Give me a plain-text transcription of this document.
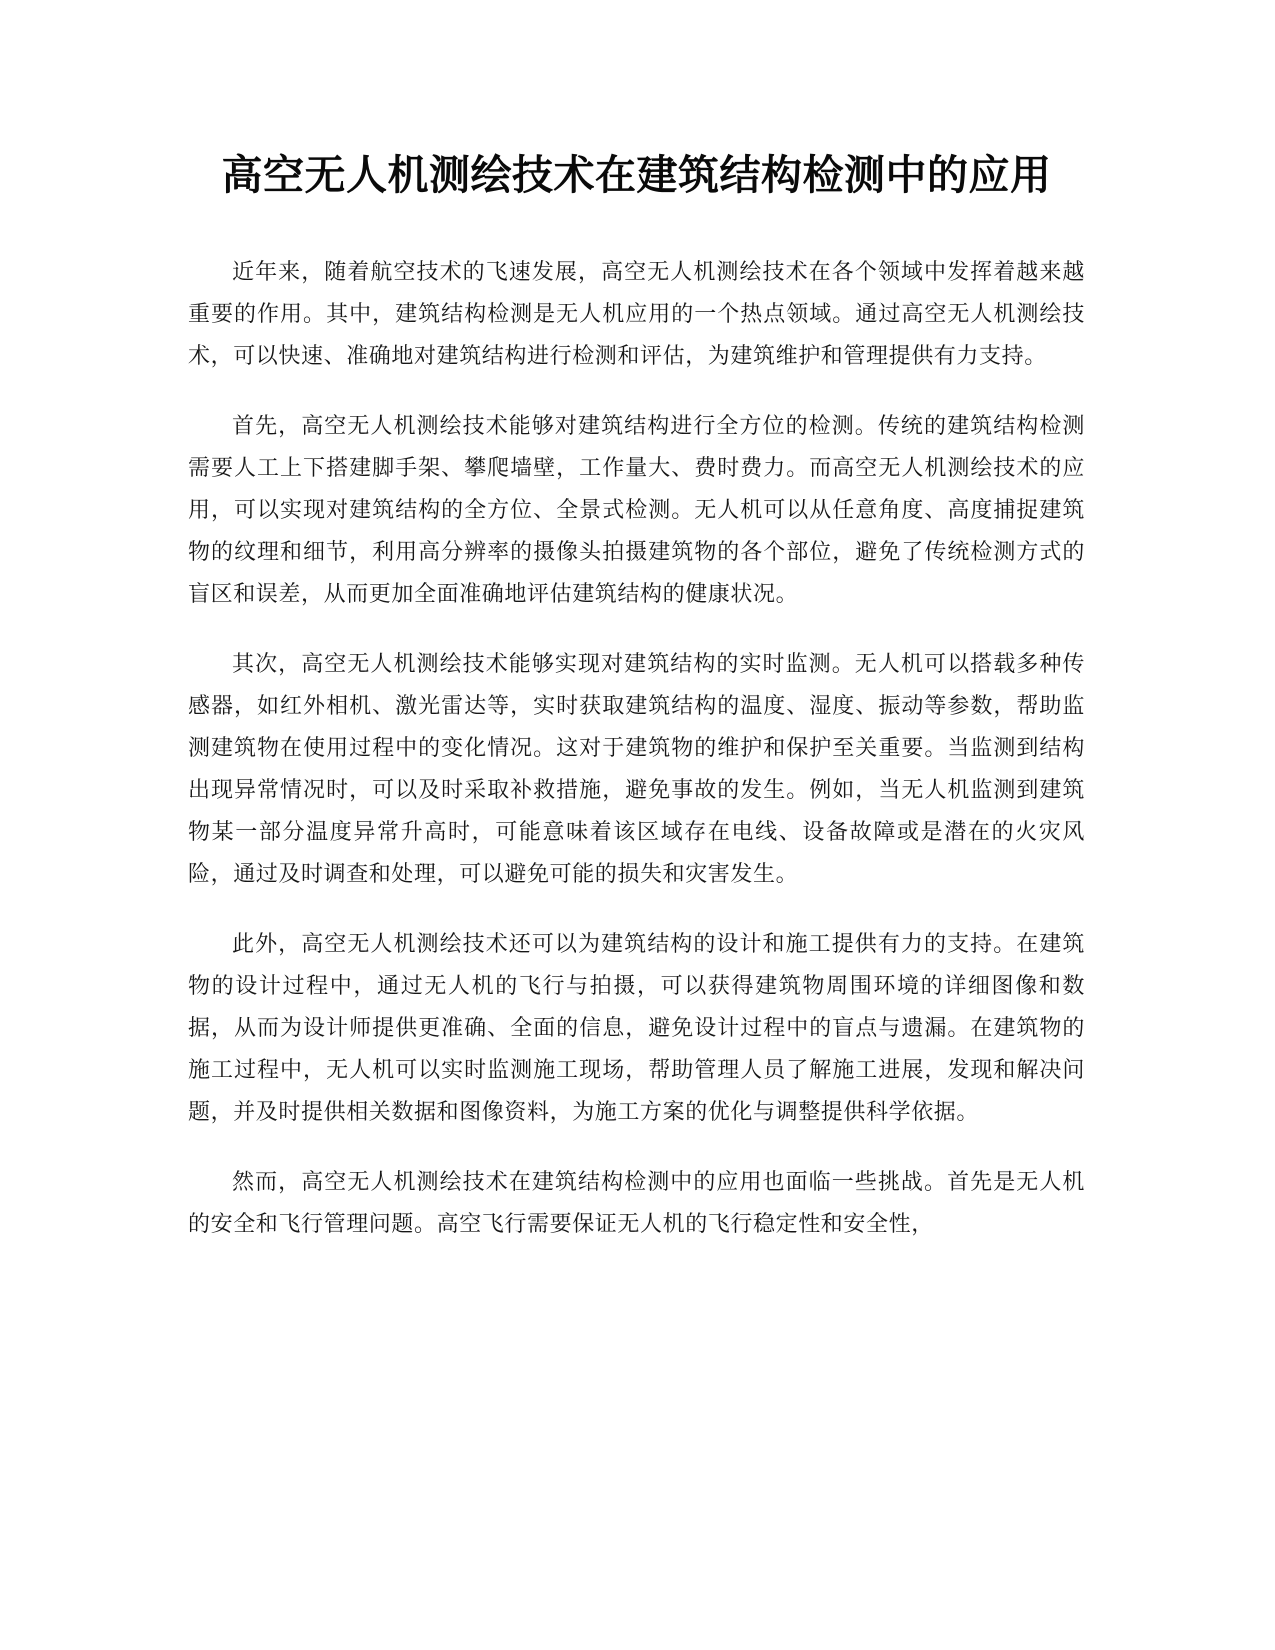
高空无人机测绘技术在建筑结构检测中的应用

近年来，随着航空技术的飞速发展，高空无人机测绘技术在各个领域中发挥着越来越重要的作用。其中，建筑结构检测是无人机应用的一个热点领域。通过高空无人机测绘技术，可以快速、准确地对建筑结构进行检测和评估，为建筑维护和管理提供有力支持。

首先，高空无人机测绘技术能够对建筑结构进行全方位的检测。传统的建筑结构检测需要人工上下搭建脚手架、攀爬墙壁，工作量大、费时费力。而高空无人机测绘技术的应用，可以实现对建筑结构的全方位、全景式检测。无人机可以从任意角度、高度捕捉建筑物的纹理和细节，利用高分辨率的摄像头拍摄建筑物的各个部位，避免了传统检测方式的盲区和误差，从而更加全面准确地评估建筑结构的健康状况。

其次，高空无人机测绘技术能够实现对建筑结构的实时监测。无人机可以搭载多种传感器，如红外相机、激光雷达等，实时获取建筑结构的温度、湿度、振动等参数，帮助监测建筑物在使用过程中的变化情况。这对于建筑物的维护和保护至关重要。当监测到结构出现异常情况时，可以及时采取补救措施，避免事故的发生。例如，当无人机监测到建筑物某一部分温度异常升高时，可能意味着该区域存在电线、设备故障或是潜在的火灾风险，通过及时调查和处理，可以避免可能的损失和灾害发生。

此外，高空无人机测绘技术还可以为建筑结构的设计和施工提供有力的支持。在建筑物的设计过程中，通过无人机的飞行与拍摄，可以获得建筑物周围环境的详细图像和数据，从而为设计师提供更准确、全面的信息，避免设计过程中的盲点与遗漏。在建筑物的施工过程中，无人机可以实时监测施工现场，帮助管理人员了解施工进展，发现和解决问题，并及时提供相关数据和图像资料，为施工方案的优化与调整提供科学依据。

然而，高空无人机测绘技术在建筑结构检测中的应用也面临一些挑战。首先是无人机的安全和飞行管理问题。高空飞行需要保证无人机的飞行稳定性和安全性，
